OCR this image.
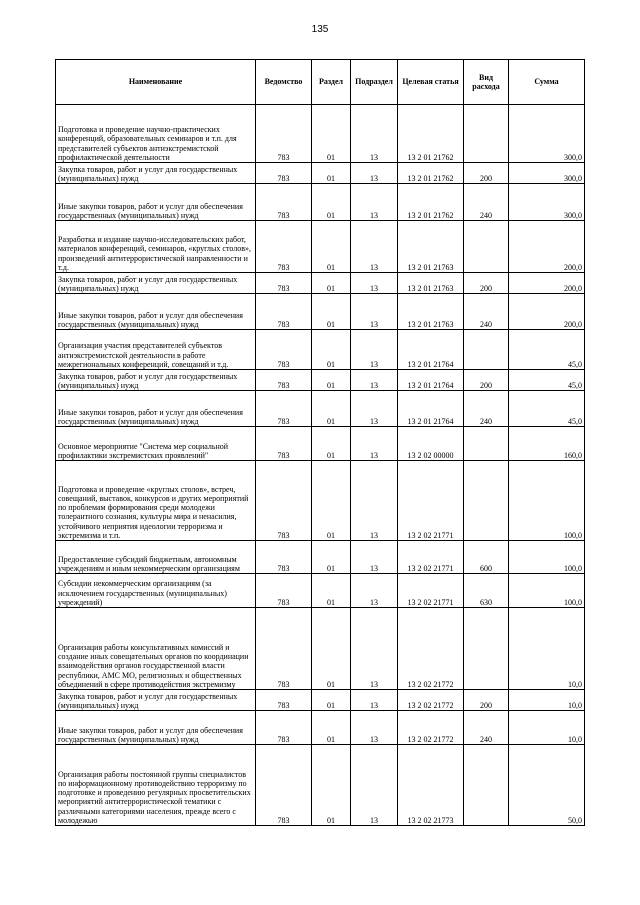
135
Наименование	Ведомство	Раздел	Подраздел	Целевая статья	Вид расхода	Сумма
Подготовка и проведение научно-практических конференций, образовательных семинаров и т.п. для представителей субъектов антиэкстремистской профилактической деятельности	783	01	13	13 2 01 21762		300,0
Закупка товаров, работ и услуг для государственных (муниципальных) нужд	783	01	13	13 2 01 21762	200	300,0
Иные закупки товаров, работ и услуг для обеспечения государственных (муниципальных) нужд	783	01	13	13 2 01 21762	240	300,0
Разработка и издание научно-исследовательских работ, материалов конференций, семинаров, «круглых столов», произведений антитеррористической направленности и т.д.	783	01	13	13 2 01 21763		200,0
Закупка товаров, работ и услуг для государственных (муниципальных) нужд	783	01	13	13 2 01 21763	200	200,0
Иные закупки товаров, работ и услуг для обеспечения государственных (муниципальных) нужд	783	01	13	13 2 01 21763	240	200,0
Организация участия представителей субъектов антиэкстремистской деятельности в работе межрегиональных конференций, совещаний и т.д.	783	01	13	13 2 01 21764		45,0
Закупка товаров, работ и услуг для государственных (муниципальных) нужд	783	01	13	13 2 01 21764	200	45,0
Иные закупки товаров, работ и услуг для обеспечения государственных (муниципальных) нужд	783	01	13	13 2 01 21764	240	45,0
Основное мероприятие "Система мер социальной профилактики экстремистских проявлений"	783	01	13	13 2 02 00000		160,0
Подготовка и проведение «круглых столов», встреч, совещаний, выставок, конкурсов и других мероприятий по проблемам формирования среди молодежи толерантного сознания, культуры мира и ненасилия, устойчивого неприятия идеологии терроризма и экстремизма и т.п.	783	01	13	13 2 02 21771		100,0
Предоставление субсидий бюджетным, автономным учреждениям и иным некоммерческим организациям	783	01	13	13 2 02 21771	600	100,0
Субсидии некоммерческим организациям (за исключением государственных (муниципальных) учреждений)	783	01	13	13 2 02 21771	630	100,0
Организация работы консультативных комиссий и создание иных совещательных органов по координации взаимодействия органов государственной власти республики, АМС МО, религиозных и общественных объединений в сфере противодействия экстремизму	783	01	13	13 2 02 21772		10,0
Закупка товаров, работ и услуг для государственных (муниципальных) нужд	783	01	13	13 2 02 21772	200	10,0
Иные закупки товаров, работ и услуг для обеспечения государственных (муниципальных) нужд	783	01	13	13 2 02 21772	240	10,0
Организация работы постоянной группы специалистов по информационному противодействию терроризму по подготовке и проведению регулярных просветительских мероприятий антитеррористической тематики с различными категориями населения, прежде всего с молодежью	783	01	13	13 2 02 21773		50,0
